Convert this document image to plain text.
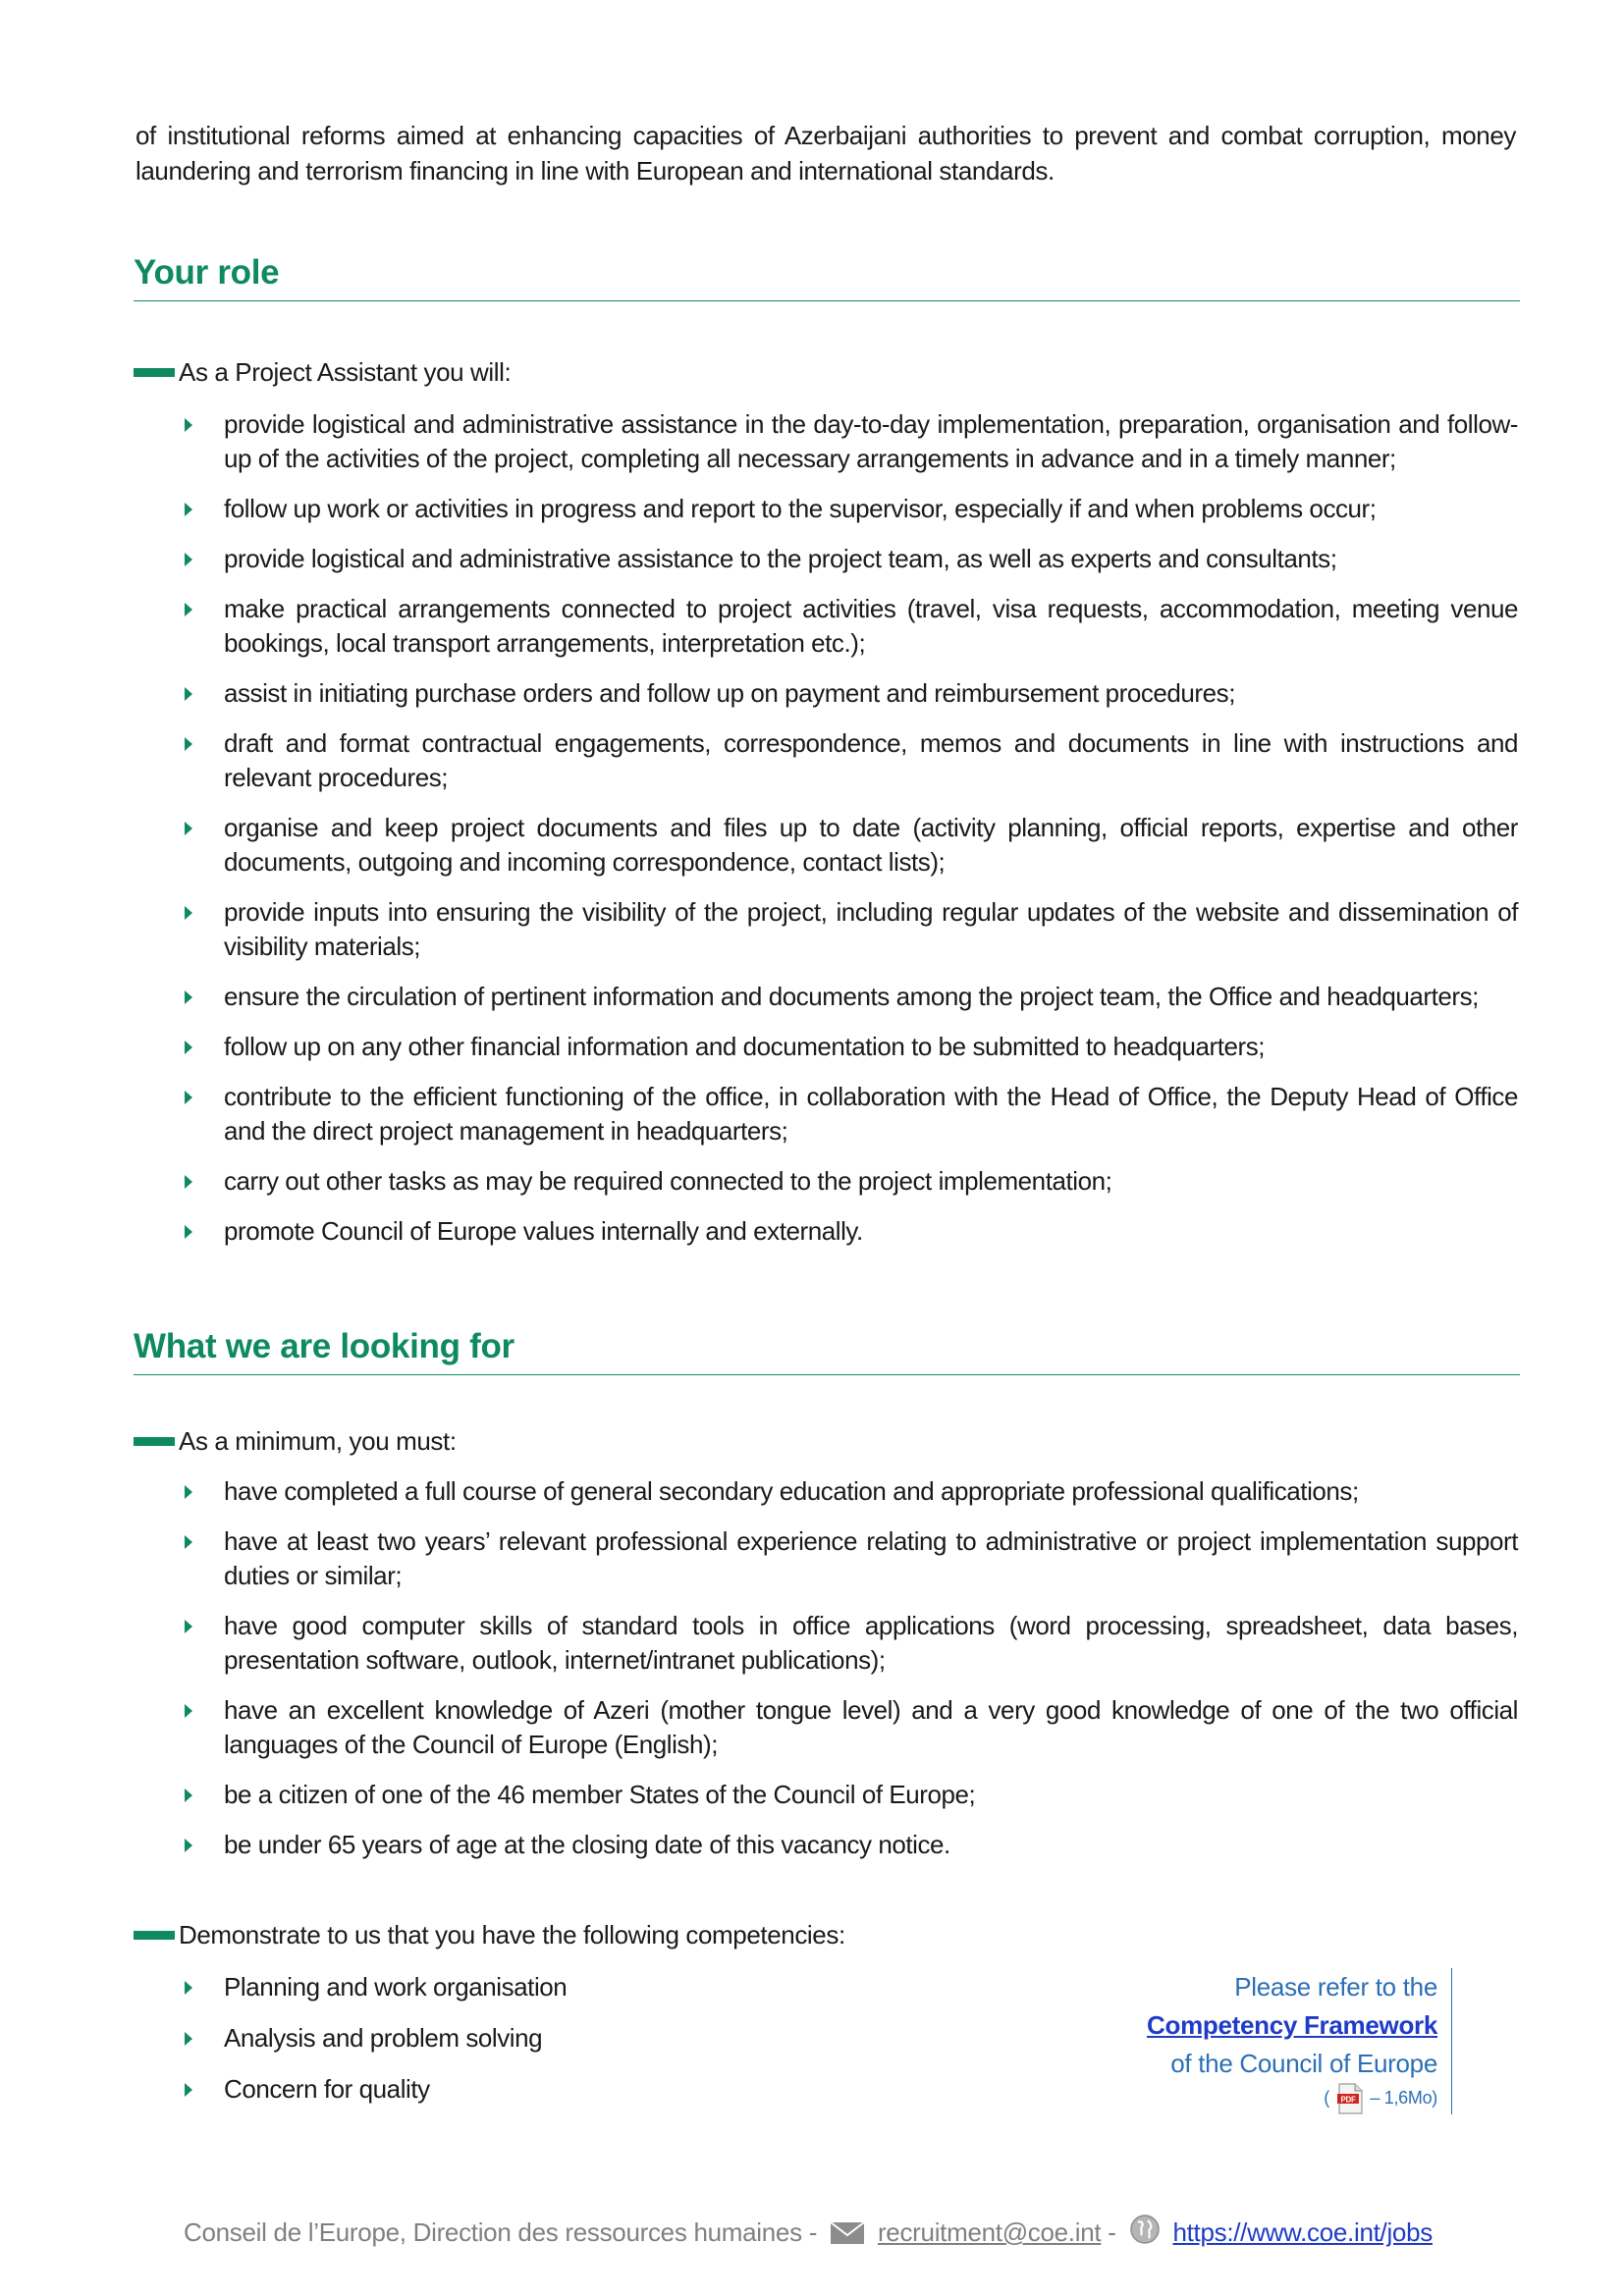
of institutional reforms aimed at enhancing capacities of Azerbaijani authorities to prevent and combat corruption, money laundering and terrorism financing in line with European and international standards.

Your role
As a Project Assistant you will:
provide logistical and administrative assistance in the day-to-day implementation, preparation, organisation and follow-up of the activities of the project, completing all necessary arrangements in advance and in a timely manner;
follow up work or activities in progress and report to the supervisor, especially if and when problems occur;
provide logistical and administrative assistance to the project team, as well as experts and consultants;
make practical arrangements connected to project activities (travel, visa requests, accommodation, meeting venue bookings, local transport arrangements, interpretation etc.);
assist in initiating purchase orders and follow up on payment and reimbursement procedures;
draft and format contractual engagements, correspondence, memos and documents in line with instructions and relevant procedures;
organise and keep project documents and files up to date (activity planning, official reports, expertise and other documents, outgoing and incoming correspondence, contact lists);
provide inputs into ensuring the visibility of the project, including regular updates of the website and dissemination of visibility materials;
ensure the circulation of pertinent information and documents among the project team, the Office and headquarters;
follow up on any other financial information and documentation to be submitted to headquarters;
contribute to the efficient functioning of the office, in collaboration with the Head of Office, the Deputy Head of Office and the direct project management in headquarters;
carry out other tasks as may be required connected to the project implementation;
promote Council of Europe values internally and externally.
What we are looking for
As a minimum, you must:
have completed a full course of general secondary education and appropriate professional qualifications;
have at least two years’ relevant professional experience relating to administrative or project implementation support duties or similar;
have good computer skills of standard tools in office applications (word processing, spreadsheet, data bases, presentation software, outlook, internet/intranet publications);
have an excellent knowledge of Azeri (mother tongue level) and a very good knowledge of one of the two official languages of the Council of Europe (English);
be a citizen of one of the 46 member States of the Council of Europe;
be under 65 years of age at the closing date of this vacancy notice.
Demonstrate to us that you have the following competencies:
Planning and work organisation
Analysis and problem solving
Concern for quality
Please refer to the
Competency Framework
of the Council of Europe
( PDF – 1,6Mo)
Conseil de l’Europe, Direction des ressources humaines - recruitment@coe.int - https://www.coe.int/jobs
